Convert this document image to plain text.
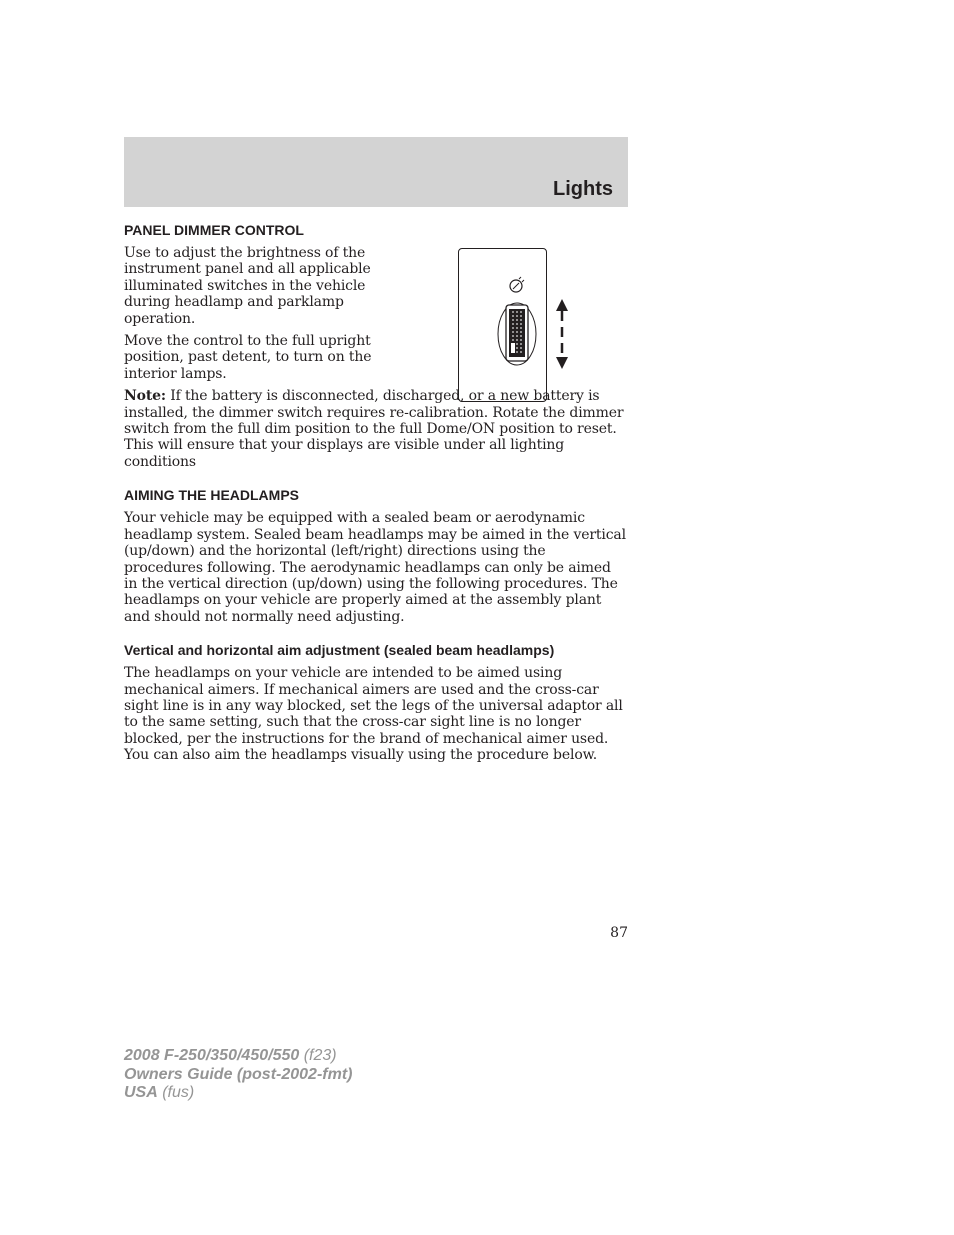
Lights
PANEL DIMMER CONTROL

Use to adjust the brightness of the instrument panel and all applicable illuminated switches in the vehicle during headlamp and parklamp operation.

Move the control to the full upright position, past detent, to turn on the interior lamps.

Note: If the battery is disconnected, discharged, or a new battery is installed, the dimmer switch requires re-calibration. Rotate the dimmer switch from the full dim position to the full Dome/ON position to reset. This will ensure that your displays are visible under all lighting conditions

AIMING THE HEADLAMPS

Your vehicle may be equipped with a sealed beam or aerodynamic headlamp system. Sealed beam headlamps may be aimed in the vertical (up/down) and the horizontal (left/right) directions using the procedures following. The aerodynamic headlamps can only be aimed in the vertical direction (up/down) using the following procedures. The headlamps on your vehicle are properly aimed at the assembly plant and should not normally need adjusting.

Vertical and horizontal aim adjustment (sealed beam headlamps)

The headlamps on your vehicle are intended to be aimed using mechanical aimers. If mechanical aimers are used and the cross-car sight line is in any way blocked, set the legs of the universal adaptor all to the same setting, such that the cross-car sight line is no longer blocked, per the instructions for the brand of mechanical aimer used. You can also aim the headlamps visually using the procedure below.

87
2008 F-250/350/450/550 (f23)
Owners Guide (post-2002-fmt)
USA (fus)
